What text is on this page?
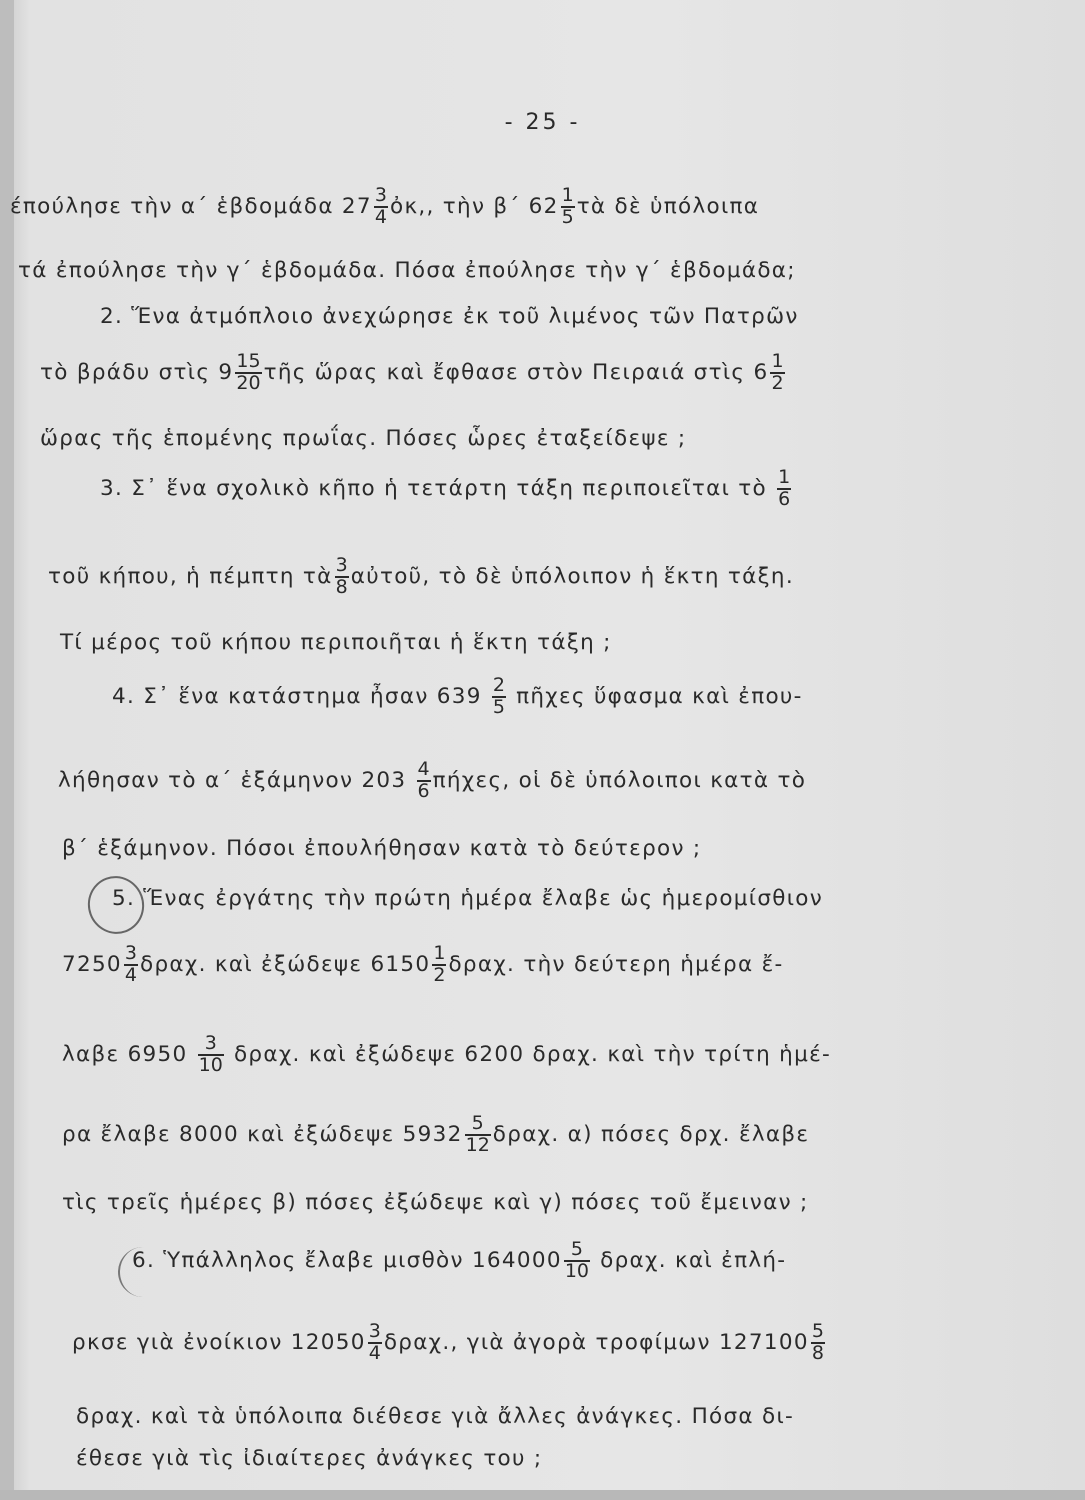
- 25 -
έπούλησε τὴν α΄ ἑβδομάδα $27 \frac{3}{4}$ ὀκ,, τὴν β΄ $62 \frac{1}{5}$ τὰ δὲ ὑπόλοιπα
τά ἐπούλησε τὴν γ΄ ἑβδομάδα. Πόσα ἐπούλησε τὴν γ΄ ἑβδομάδα;
2. Ἕνα ἀτμόπλοιο ἀνεχώρησε ἐκ τοῦ λιμένος τῶν Πατρῶν
τὸ βράδυ στὶς $9 \frac{15}{20}$ τῆς ὥρας καὶ ἔφθασε στὸν Πειραιά στὶς $6 \frac{1}{2}$
ὥρας τῆς ἑπομένης πρωΐας. Πόσες ὧρες ἐταξείδεψε ;
3. Σ᾽ ἕνα σχολικὸ κῆπο ἡ τετάρτη τάξη περιποιεῖται τὸ $\frac{1}{6}$
τοῦ κήπου, ἡ πέμπτη τὰ $\frac{3}{8}$ αὐτοῦ, τὸ δὲ ὑπόλοιπον ἡ ἕκτη τάξη.
Τί μέρος τοῦ κήπου περιποιῆται ἡ ἕκτη τάξη ;
4. Σ᾽ ἕνα κατάστημα ἦσαν $639 \frac{2}{5}$ πῆχες ὕφασμα καὶ ἐπου-
λήθησαν τὸ α΄ ἑξάμηνον $203 \frac{4}{6} \pi ή\chi\varepsilon\varsigma$, οἱ δὲ ὑπόλοιποι κατὰ τὸ
β΄ ἑξάμηνον. Πόσοι ἐπουλήθησαν κατὰ τὸ δεύτερον ;
5. Ἕνας ἐργάτης τὴν πρώτη ἡμέρα ἔλαβε ὡς ἡμερομίσθιον
$7250 \frac{3}{4} \delta\rho\alpha\chi$. καὶ ἐξώδεψε $6150 \frac{1}{2} \delta\rho\alpha\chi$. τὴν δεύτερη ἡμέρα ἔ-
λαβε $6950 \frac{3}{10} \delta\rho\alpha\chi$. καὶ ἐξώδεψε 6200 δραχ. καὶ τὴν τρίτη ἡμέ-
ρα ἔλαβε 8000 καὶ ἐξώδεψε $5932 \frac{5}{12} \delta\rho\alpha\chi$. α) πόσες δρχ. ἔλαβε
τὶς τρεῖς ἡμέρες β) πόσες ἐξώδεψε καὶ γ) πόσες τοῦ ἔμειναν ;
6. Ὑπάλληλος ἔλαβε μισθὸν $164000 \frac{5}{10} \delta\rho\alpha\chi$. καὶ ἐπλή-
ρκσε γιὰ ἐνοίκιον $12050 \frac{3}{4} \delta\rho\alpha\chi$., γιὰ ἀγορὰ τροφίμων $127100 \frac{5}{8}$
δραχ. καὶ τὰ ὑπόλοιπα διέθεσε γιὰ ἄλλες ἀνάγκες. Πόσα δι-
έθεσε γιὰ τὶς ἰδιαίτερες ἀνάγκες του ;
